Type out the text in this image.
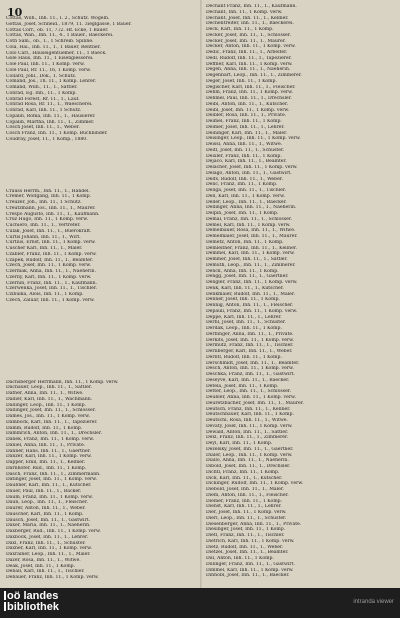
10

Cottas, Wilh., Inh. 11., I. 2., Schutz. Wogeln.

Gottas, Josef, Schneid., 1879, 11. 3ieglgasse, 1 Bauer.

Cottas Corr., ob. 11, 7./2. Hf. Ecke, 1 Bauer.

Cottas, Wah., Inh. 11., 4., 1 Bauer., Baeckerei.

Coth Sam., ob., 1., 1 Schreib. Spinne.

Cola, Hai., Inh. 11., 1., 1 Bauer, Rentner.

Colo Carl., Hauseigentuemer, 11., 1 Baeck.

Gole Haus, Inh. 11., 1 Eisengiesserei.

Cole Paul, Inh. 11., 1 Komp. verw.

Cole Paul, Rr. 11., 16, 1 Komp. verw.

Collard, Johl., Dok., 1. Schutz.

Comand, Jos., Th. 11., 1 Komp. Lehrer.

Comand, Wilh., 11., 1., Sattler.

Conrad, Eg. Inh., 11., 1 Komp.

Conrad Forest, Rr. 11., 1., Lauf.

Conrad Rosa, Rr. 11., 1., Waescherei.

Conrad, Karl, Inh. 11., 1 Schutz.

Copalin, Roma, Inh. 11., 1., Hausierer.

Copalin, Martha, Inh. 11., 1., Zimmer.

Cosch Josef, Inh. 11., 1., Weber.

Cosch Franz, Inh. 11., 1 Komp. Buchbinder.

Coudray, Josef, 11., 1 Komp., 1880.

Crauss Herrm., Inh. 11., 1., Handel.

Cremer, Wolfgang, Inh. 11., 1 Komp.

Creuzer, Joh., Inh. 11., 1 Schutz.

Creutzmann, Jos., Inh. 11., 1., Maurer.

Crespo Augusto, Inh. 11., 1., Kaufmann.

Cruz Hugo, Inh. 11., 1 Komp. verw.

Cuchiero, Inh. 11., 1., Vertreter.

Culak, Josef, Inh. 11., 1., Buerokraft.

Curtis Johann, Inh. 11., 1., Wirt.

Curtius, Ernst, Inh. 11., 1 Komp. verw.

Cuscher Karl, Inh. 11., 1., Maler.

Czabler, Franz, Inh. 11., 1 Komp. verw.

Czapek, Rudolf, Inh. 11., 1., Beamter.

Czech, Josef, Inh. 11., 1 Komp. verw.

Czermak, Anna, Inh. 11., 1., Naeherin.

Czerny, Karl, Inh. 11., 1 Komp. verw.

Czernin, Franz, Inh. 11., 1., Kaufmann.

Czerwenka, Josef, Inh. 11., 1., Tischler.

Czibulka, Alois, Inh. 11., 1 Komp.

Czech, Zaluar, Inh. 11., 1 Komp. verw.

Dachsberger Herrmann, Inh. 11., 1 Komp. verw.

Dachauer, Leop., Inh. 11., 1., Sattler.

Dafner, Anna, Inh. 11., 1., Witwe.

Dallier, Karl, Inh. 11., 1., Wachmann.

Dallinger, Leop., Inh. 11., 1 Komp.

Dallinger, Josef, Inh. 11., 1., Schlosser.

Dames, Jos., Inh. 11., 1 Komp. verw.

Dambock, Karl, Inh. 11., 1., Tapezierer.

Damm, Rudolf, Inh. 11., 1 Komp.

Dammrich, Anton, Inh. 11., 1., Drechsler.

Danek, Franz, Inh. 11., 1 Komp. verw.

Daniel, Anna, Inh. 11., 1., Private.

Danner, Hans, Inh. 11., 1., Gaertner.

Danzer, Karl, Inh. 11., 1 Komp. verw.

Dapper, Emil, Inh. 11., 1., Kellner.

Darnhofer, Rud., Inh. 11., 1 Komp.

Dasch, Franz, Inh. 11., 1., Zimmermann.

Datinger, Josef, Inh. 11., 1 Komp. verw.

Daubner, Karl, Inh. 11., 1., Kutscher.

Dauer, Paul, Inh. 11., 1., Backer.

Daum, Franz, Inh. 11., 1 Komp. verw.

Daun, Leop., Inh. 11., 1., Fleischer.

Daurer, Anton, Inh. 11., 1., Weber.

Dauscher, Karl, Inh. 11., 1 Komp.

Dausch, Josef, Inh. 11., 1., Gastwirt.

Daxer, Maria, Inh. 11., 1., Naeherin.

Daxberger, Rud., Inh. 11., 1 Komp. verw.

Daxbock, Josef, Inh. 11., 1., Lehrer.

Daxl, Franz, Inh. 11., 1., Schuster.

Daxner, Karl, Inh. 11., 1 Komp. verw.

Daxrainer, Leop., Inh. 11., 1., Maler.

Dazer, Rosa, Inh. 11., 1., Witwe.

Deak, Josef, Inh. 11., 1 Komp.

Deball, Karl, Inh. 11., 1., Tischler.

Debauer, Franz, Inh. 11., 1 Komp. verw.

Dechant Franz, Inh. 11., 1., Kaufmann.

Dechant, Inh. 11., 1 Komp. verw.

Dechant, Josef, Inh. 11., 1., Kellner.

Dechentreiter, Inh. 11., 1., Baeckerei.

Deck, Karl, Inh. 11., 1 Komp.

Decker, Josef, Inh. 11., 1., Schlosser.

Decker, Josef, Inh. 11., 1., Maurer.

Decker, Anton, Inh. 11., 1 Komp. verw.

Dedic, Franz, Inh. 11., 1., Arbeiter.

Dedl, Rudolf, Inh. 11., 1., Tapezierer.

Deffner, Karl, Inh. 11., 1 Komp. verw.

Degen, Anna, Inh. 11., 1., Naeherin.

Degenhart, Leop., Inh. 11., 1., Zimmerer.

Deger, Josef, Inh. 11., 1 Komp.

Degischer, Karl, Inh. 11., 1., Fleischer.

Dehm, Franz, Inh. 11., 1 Komp. verw.

Dehmel, Paul, Inh. 11., 1., Drechsler.

Deibl, Anton, Inh. 11., 1., Kutscher.

Deibl, Josef, Inh. 11., 1 Komp. verw.

Deibler, Rosa, Inh. 11., 1., Private.

Deimel, Franz, Inh. 11., 1 Komp.

Deimer, Josef, Inh. 11., 1., Lehrer.

Deininger, Karl, Inh. 11., 1., Maler.

Deisinger, Leop., Inh. 11., 1 Komp. verw.

Deissl, Anna, Inh. 11., 1., Witwe.

Deitl, Josef, Inh. 11., 1., Schuster.

Deixler, Franz, Inh. 11., 1 Komp.

Dejaco, Karl, Inh. 11., 1., Beamter.

Delacher, Josef, Inh. 11., 1 Komp. verw.

Delago, Anton, Inh. 11., 1., Gastwirt.

Delfs, Rudolf, Inh. 11., 1., Weber.

Delic, Franz, Inh. 11., 1 Komp.

Deliga, Josef, Inh. 11., 1., Tischler.

Dell, Karl, Inh. 11., 1 Komp. verw.

Deller, Leop., Inh. 11., 1., Baecker.

Dellinger, Anna, Inh. 11., 1., Naeherin.

Delpin, Josef, Inh. 11., 1 Komp.

Demal, Franz, Inh. 11., 1., Schlosser.

Demel, Karl, Inh. 11., 1 Komp. verw.

Demelbauer, Rosa, Inh. 11., 1., Witwe.

Demelmaier, Josef, Inh. 11., 1., Maurer.

Demetz, Anton, Inh. 11., 1 Komp.

Demleitner, Franz, Inh. 11., 1., Kellner.

Demmel, Karl, Inh. 11., 1 Komp. verw.

Demmer, Josef, Inh. 11., 1., Sattler.

Demuth, Leop., Inh. 11., 1., Zimmerer.

Denck, Anna, Inh. 11., 1 Komp.

Dengg, Josef, Inh. 11., 1., Gaertner.

Dengler, Franz, Inh. 11., 1 Komp. verw.

Denk, Karl, Inh. 11., 1., Kutscher.

Denkmaier, Rudolf, Inh. 11., 1., Maler.

Denner, Josef, Inh. 11., 1 Komp.

Dennig, Anton, Inh. 11., 1., Fleischer.

Depauli, Franz, Inh. 11., 1 Komp. verw.

Deppe, Karl, Inh. 11., 1., Lehrer.

Derbl, Josef, Inh. 11., 1., Schuster.

Derdak, Leop., Inh. 11., 1 Komp.

Derflinger, Anna, Inh. 11., 1., Private.

Derkits, Josef, Inh. 11., 1 Komp. verw.

Dermutz, Franz, Inh. 11., 1., Tischler.

Dernberger, Karl, Inh. 11., 1., Weber.

Derntl, Rudolf, Inh. 11., 1 Komp.

Derschmidt, Josef, Inh. 11., 1., Beamter.

Desch, Anton, Inh. 11., 1 Komp. verw.

Deschka, Franz, Inh. 11., 1., Gastwirt.

Deseyve, Karl, Inh. 11., 1., Baecker.

Detela, Josef, Inh. 11., 1 Komp.

Detter, Leop., Inh. 11., 1., Schlosser.

Deubler, Anna, Inh. 11., 1 Komp. verw.

Deuretzbacher, Josef, Inh. 11., 1., Maurer.

Deutsch, Franz, Inh. 11., 1., Kellner.

Deutschbauer, Karl, Inh. 11., 1 Komp.

Deutschl, Rosa, Inh. 11., 1., Witwe.

Devaty, Josef, Inh. 11., 1 Komp. verw.

Dewald, Anton, Inh. 11., 1., Sattler.

Dexl, Franz, Inh. 11., 1., Zimmerer.

Deyl, Karl, Inh. 11., 1 Komp.

Dezelsky, Josef, Inh. 11., 1., Gaertner.

Dialer, Leop., Inh. 11., 1 Komp. verw.

Diallo, Anna, Inh. 11., 1., Naeherin.

Dibold, Josef, Inh. 11., 1., Drechsler.

Dichtl, Franz, Inh. 11., 1 Komp.

Dick, Karl, Inh. 11., 1., Kutscher.

Dickinger, Rudolf, Inh. 11., 1 Komp. verw.

Diebold, Josef, Inh. 11., 1., Maler.

Diem, Anton, Inh. 11., 1., Fleischer.

Diemer, Franz, Inh. 11., 1 Komp.

Dienst, Karl, Inh. 11., 1., Lehrer.

Dier, Josef, Inh. 11., 1 Komp. verw.

Dierl, Leop., Inh. 11., 1., Schuster.

Diesenberger, Anna, Inh. 11., 1., Private.

Diesinger, Josef, Inh. 11., 1 Komp.

Dietl, Franz, Inh. 11., 1., Tischler.

Dietrich, Karl, Inh. 11., 1 Komp. verw.

Dietz, Rudolf, Inh. 11., 1., Weber.

Dietzel, Josef, Inh. 11., 1., Beamter.

Dill, Anton, Inh. 11., 1 Komp.

Dillinger, Franz, Inh. 11., 1., Gastwirt.

Dimmel, Karl, Inh. 11., 1 Komp. verw.

Dinhobl, Josef, Inh. 11., 1., Baecker.

oö landes
bibliothek	intranda viewer
